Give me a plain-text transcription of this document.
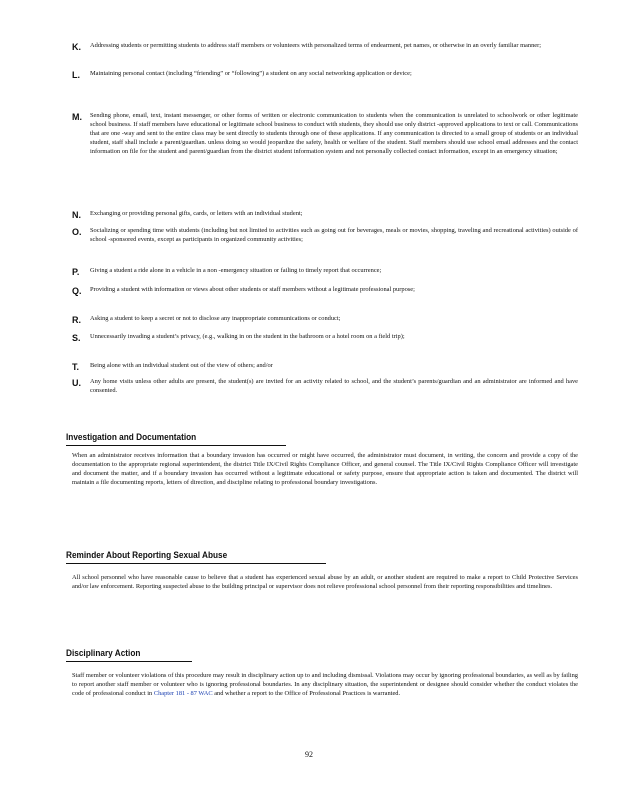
K.	Addressing students or permitting students to address staff members or volunteers with personalized terms of endearment, pet names, or otherwise in an overly familiar manner;
L.	Maintaining personal contact (including “friending” or “following”) a student on any social networking application or device;
M.	Sending phone, email, text, instant messenger, or other forms of written or electronic communication to students when the communication is unrelated to schoolwork or other legitimate school business. If staff members have educational or legitimate school business to conduct with students, they should use only district -approved applications to text or call. Communications that are one -way and sent to the entire class may be sent directly to students through one of these applications. If any communication is directed to a small group of students or an individual student, staff shall include a parent/guardian. unless doing so would jeopardize the safety, health or welfare of the student. Staff members should use school email addresses and the contact information on file for the student and parent/guardian from the district student information system and not personally collected contact information, except in an emergency situation;
N.	Exchanging or providing personal gifts, cards, or letters with an individual student;
O.	Socializing or spending time with students (including but not limited to activities such as going out for beverages, meals or movies, shopping, traveling and recreational activities) outside of school -sponsored events, except as participants in organized community activities;
P.	Giving a student a ride alone in a vehicle in a non -emergency situation or failing to timely report that occurrence;
Q.	Providing a student with information or views about other students or staff members without a legitimate professional purpose;
R.	Asking a student to keep a secret or not to disclose any inappropriate communications or conduct;
S.	Unnecessarily invading a student’s privacy, (e.g., walking in on the student in the bathroom or a hotel room on a field trip);
T.	Being alone with an individual student out of the view of others; and/or
U.	Any home visits unless other adults are present, the student(s) are invited for an activity related to school, and the student’s parents/guardian and an administrator are informed and have consented.
Investigation and Documentation
When an administrator receives information that a boundary invasion has occurred or might have occurred, the administrator must document, in writing, the concern and provide a copy of the documentation to the appropriate regional superintendent, the district Title IX/Civil Rights Compliance Officer, and general counsel. The Title IX/Civil Rights Compliance Officer will investigate and document the matter, and if a boundary invasion has occurred without a legitimate educational or safety purpose, ensure that appropriate action is taken and documented. The district will maintain a file documenting reports, letters of direction, and discipline relating to professional boundary investigations.
Reminder About Reporting Sexual Abuse
All school personnel who have reasonable cause to believe that a student has experienced sexual abuse by an adult, or another student are required to make a report to Child Protective Services and/or law enforcement. Reporting suspected abuse to the building principal or supervisor does not relieve professional school personnel from their reporting responsibilities and timelines.
Disciplinary Action
Staff member or volunteer violations of this procedure may result in disciplinary action up to and including dismissal. Violations may occur by ignoring professional boundaries, as well as by failing to report another staff member or volunteer who is ignoring professional boundaries. In any disciplinary situation, the superintendent or designee should consider whether the conduct violates the code of professional conduct in Chapter 181 - 87 WAC and whether a report to the Office of Professional Practices is warranted.
92
